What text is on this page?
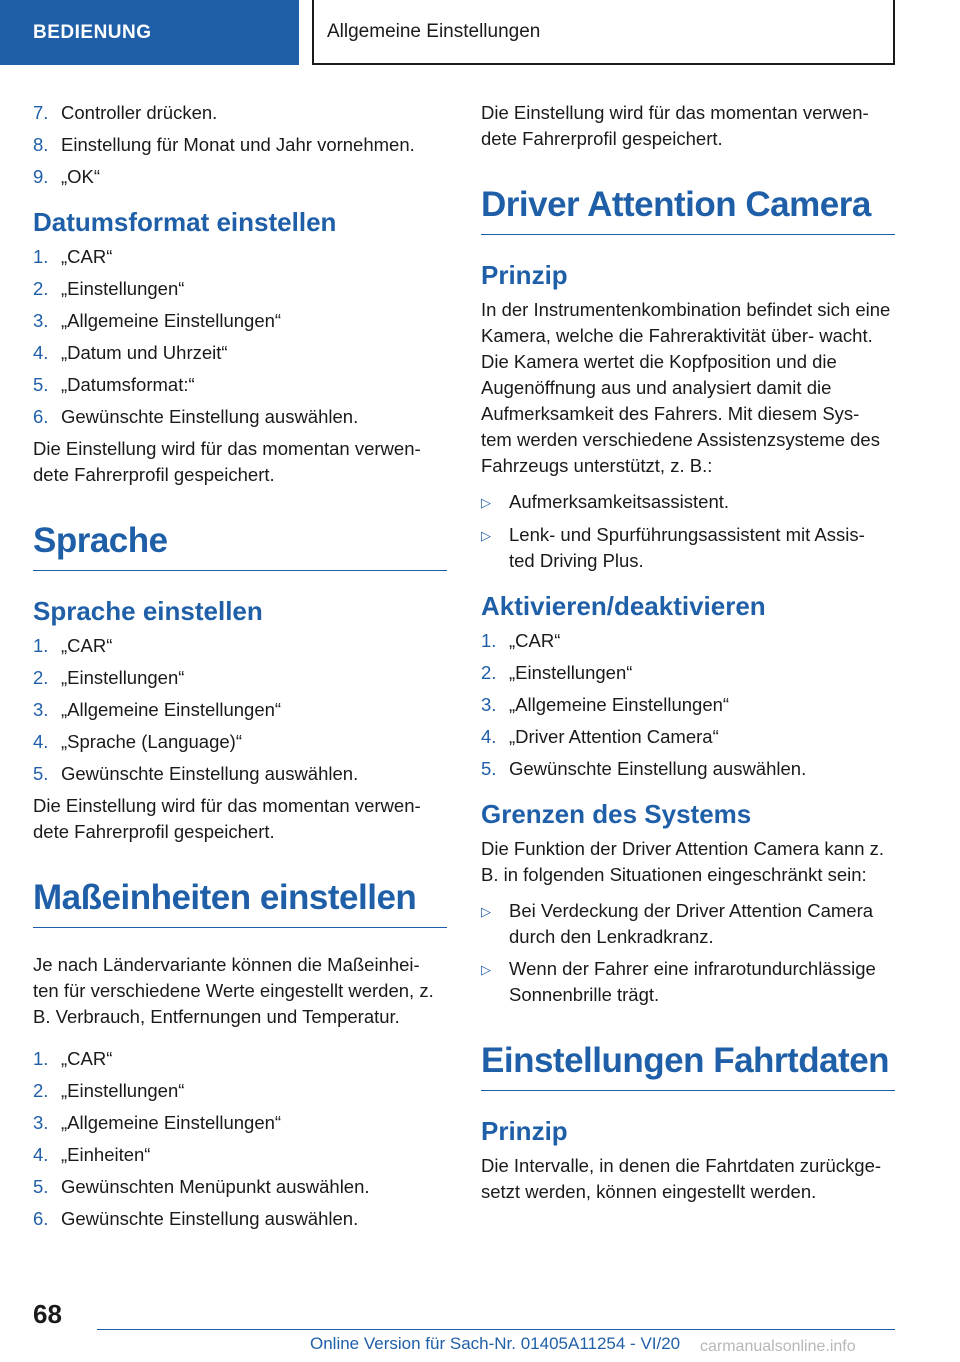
BEDIENUNG	Allgemeine Einstellungen
7. Controller drücken.
8. Einstellung für Monat und Jahr vornehmen.
9. „OK“
Datumsformat einstellen
1. „CAR“
2. „Einstellungen“
3. „Allgemeine Einstellungen“
4. „Datum und Uhrzeit“
5. „Datumsformat:“
6. Gewünschte Einstellung auswählen.

Die Einstellung wird für das momentan verwen- dete Fahrerprofil gespeichert.

Sprache
Sprache einstellen
1. „CAR“
2. „Einstellungen“
3. „Allgemeine Einstellungen“
4. „Sprache (Language)“
5. Gewünschte Einstellung auswählen.

Die Einstellung wird für das momentan verwen- dete Fahrerprofil gespeichert.

Maßeinheiten einstellen

Je nach Ländervariante können die Maßeinhei- ten für verschiedene Werte eingestellt werden, z. B. Verbrauch, Entfernungen und Temperatur.

1. „CAR“
2. „Einstellungen“
3. „Allgemeine Einstellungen“
4. „Einheiten“
5. Gewünschten Menüpunkt auswählen.
6. Gewünschte Einstellung auswählen.

Die Einstellung wird für das momentan verwen- dete Fahrerprofil gespeichert.

Driver Attention Camera
Prinzip

In der Instrumentenkombination befindet sich eine Kamera, welche die Fahreraktivität über- wacht. Die Kamera wertet die Kopfposition und die Augenöffnung aus und analysiert damit die Aufmerksamkeit des Fahrers. Mit diesem Sys- tem werden verschiedene Assistenzsysteme des Fahrzeugs unterstützt, z. B.:

▷ Aufmerksamkeitsassistent.
▷ Lenk- und Spurführungsassistent mit Assis- ted Driving Plus.
Aktivieren/deaktivieren
1. „CAR“
2. „Einstellungen“
3. „Allgemeine Einstellungen“
4. „Driver Attention Camera“
5. Gewünschte Einstellung auswählen.
Grenzen des Systems

Die Funktion der Driver Attention Camera kann z. B. in folgenden Situationen eingeschränkt sein:

▷ Bei Verdeckung der Driver Attention Camera durch den Lenkradkranz.
▷ Wenn der Fahrer eine infrarotundurchlässige Sonnenbrille trägt.
Einstellungen Fahrtdaten
Prinzip

Die Intervalle, in denen die Fahrtdaten zurückge- setzt werden, können eingestellt werden.

68
Online Version für Sach-Nr. 01405A11254 - VI/20 carmanualsonline.info
